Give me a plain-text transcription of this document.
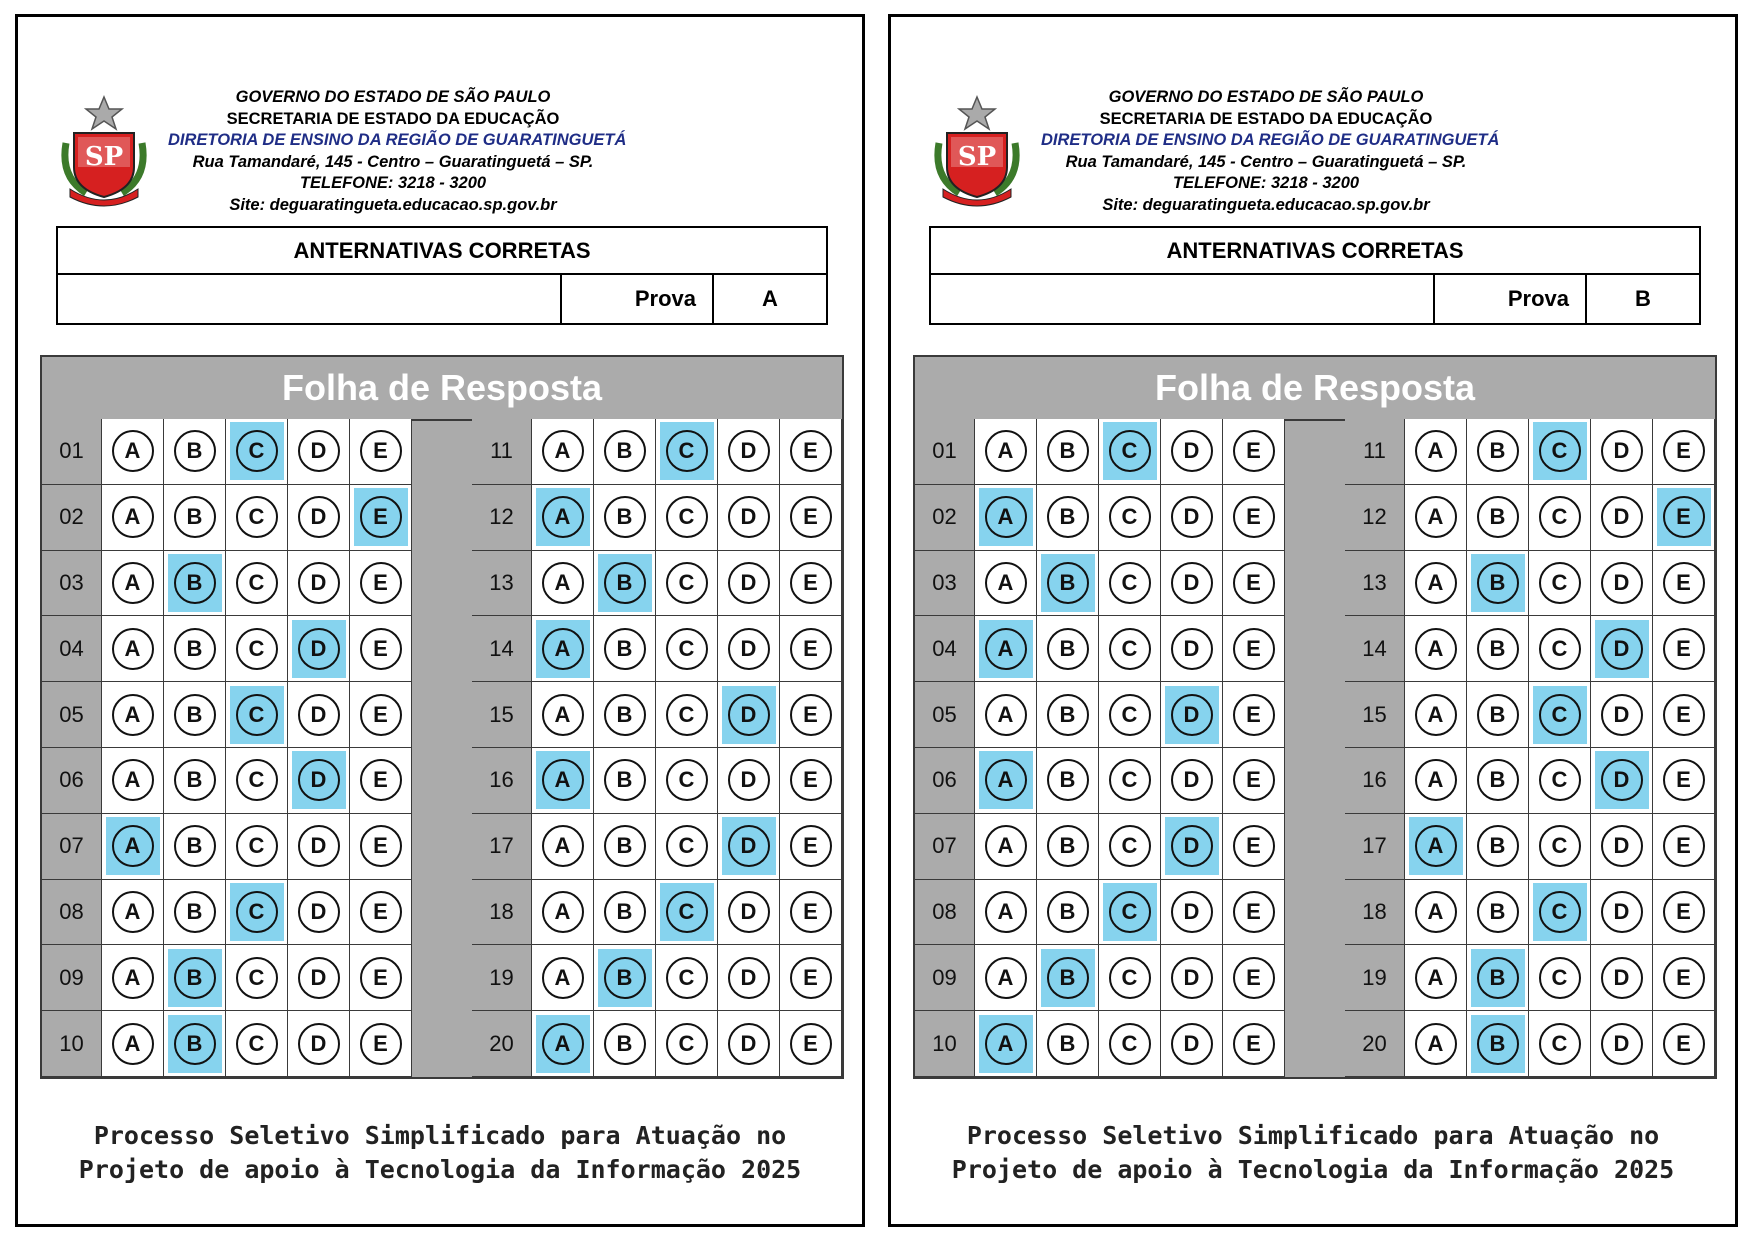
SP
GOVERNO DO ESTADO DE SÃO PAULO
SECRETARIA DE ESTADO DA EDUCAÇÃO
DIRETORIA DE ENSINO DA REGIÃO DE GUARATINGUETÁ
Rua Tamandaré, 145 - Centro – Guaratinguetá – SP.
TELEFONE: 3218 - 3200
Site: deguaratingueta.educacao.sp.gov.br
ANTERNATIVAS CORRETAS
Prova	A
Folha de Resposta
01	A	B	C	D	E
02	A	B	C	D	E
03	A	B	C	D	E
04	A	B	C	D	E
05	A	B	C	D	E
06	A	B	C	D	E
07	A	B	C	D	E
08	A	B	C	D	E
09	A	B	C	D	E
10	A	B	C	D	E
11	A	B	C	D	E
12	A	B	C	D	E
13	A	B	C	D	E
14	A	B	C	D	E
15	A	B	C	D	E
16	A	B	C	D	E
17	A	B	C	D	E
18	A	B	C	D	E
19	A	B	C	D	E
20	A	B	C	D	E
Processo Seletivo Simplificado para Atuação no
Projeto de apoio à Tecnologia da Informação 2025
SP
GOVERNO DO ESTADO DE SÃO PAULO
SECRETARIA DE ESTADO DA EDUCAÇÃO
DIRETORIA DE ENSINO DA REGIÃO DE GUARATINGUETÁ
Rua Tamandaré, 145 - Centro – Guaratinguetá – SP.
TELEFONE: 3218 - 3200
Site: deguaratingueta.educacao.sp.gov.br
ANTERNATIVAS CORRETAS
Prova	B
Folha de Resposta
01	A	B	C	D	E
02	A	B	C	D	E
03	A	B	C	D	E
04	A	B	C	D	E
05	A	B	C	D	E
06	A	B	C	D	E
07	A	B	C	D	E
08	A	B	C	D	E
09	A	B	C	D	E
10	A	B	C	D	E
11	A	B	C	D	E
12	A	B	C	D	E
13	A	B	C	D	E
14	A	B	C	D	E
15	A	B	C	D	E
16	A	B	C	D	E
17	A	B	C	D	E
18	A	B	C	D	E
19	A	B	C	D	E
20	A	B	C	D	E
Processo Seletivo Simplificado para Atuação no
Projeto de apoio à Tecnologia da Informação 2025
